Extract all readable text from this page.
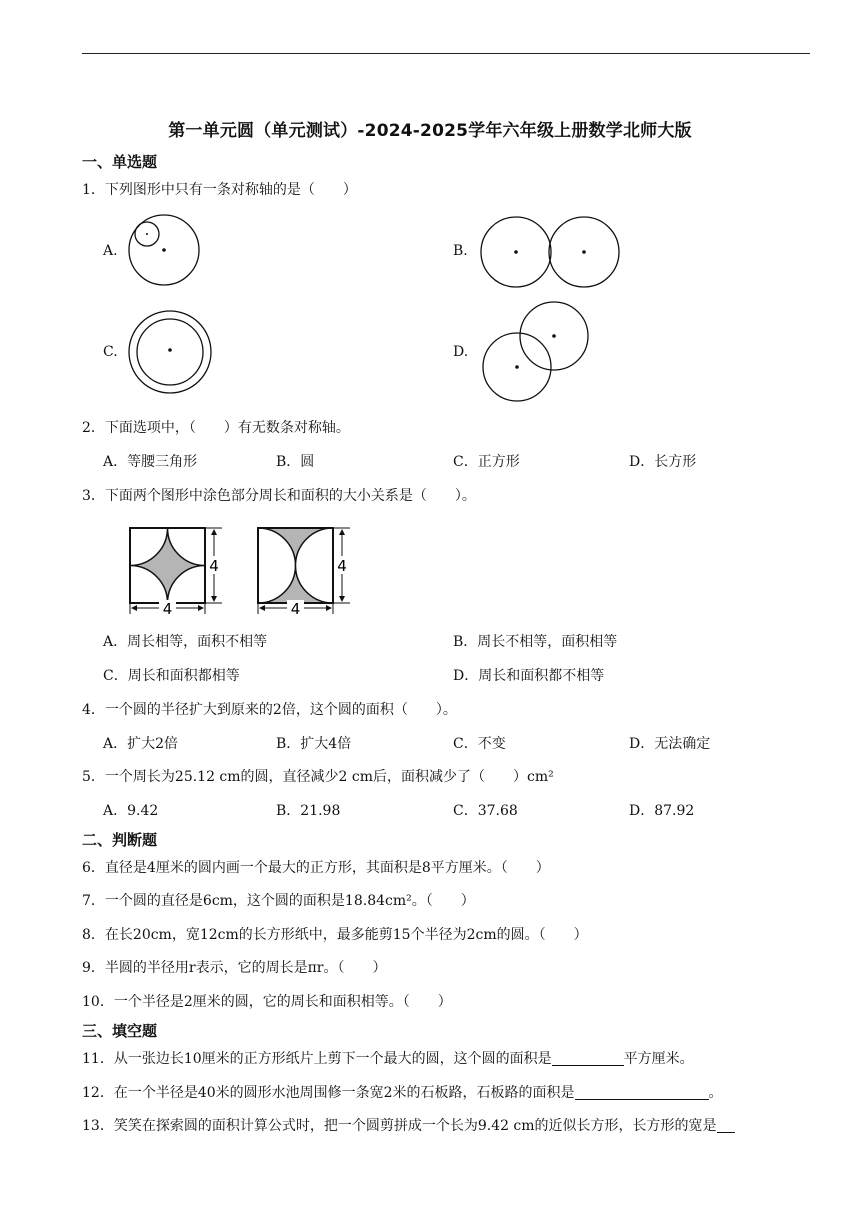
第一单元圆（单元测试）-2024-2025学年六年级上册数学北师大版
一、单选题
1．下列图形中只有一条对称轴的是（　　）
A.	B.
C.	D.
2．下面选项中，（　　）有无数条对称轴。
A．等腰三角形	B．圆	C．正方形	D．长方形
3．下面两个图形中涂色部分周长和面积的大小关系是（　　）。
4
4
4
4
A．周长相等，面积不相等	B．周长不相等，面积相等
C．周长和面积都相等	D．周长和面积都不相等
4．一个圆的半径扩大到原来的2倍，这个圆的面积（　　）。
A．扩大2倍	B．扩大4倍	C．不变	D．无法确定
5．一个周长为25.12 cm的圆，直径减少2 cm后，面积减少了（　　）cm²
A．9.42	B．21.98	C．37.68	D．87.92
二、判断题
6．直径是4厘米的圆内画一个最大的正方形，其面积是8平方厘米。（　　）
7．一个圆的直径是6cm，这个圆的面积是18.84cm²。（　　）
8．在长20cm，宽12cm的长方形纸中，最多能剪15个半径为2cm的圆。（　　）
9．半圆的半径用r表示，它的周长是πr。（　　）
10．一个半径是2厘米的圆，它的周长和面积相等。（　　）
三、填空题
11．从一张边长10厘米的正方形纸片上剪下一个最大的圆，这个圆的面积是	平方厘米。
12．在一个半径是40米的圆形水池周围修一条宽2米的石板路，石板路的面积是	。
13．笑笑在探索圆的面积计算公式时，把一个圆剪拼成一个长为9.42 cm的近似长方形，长方形的宽是
